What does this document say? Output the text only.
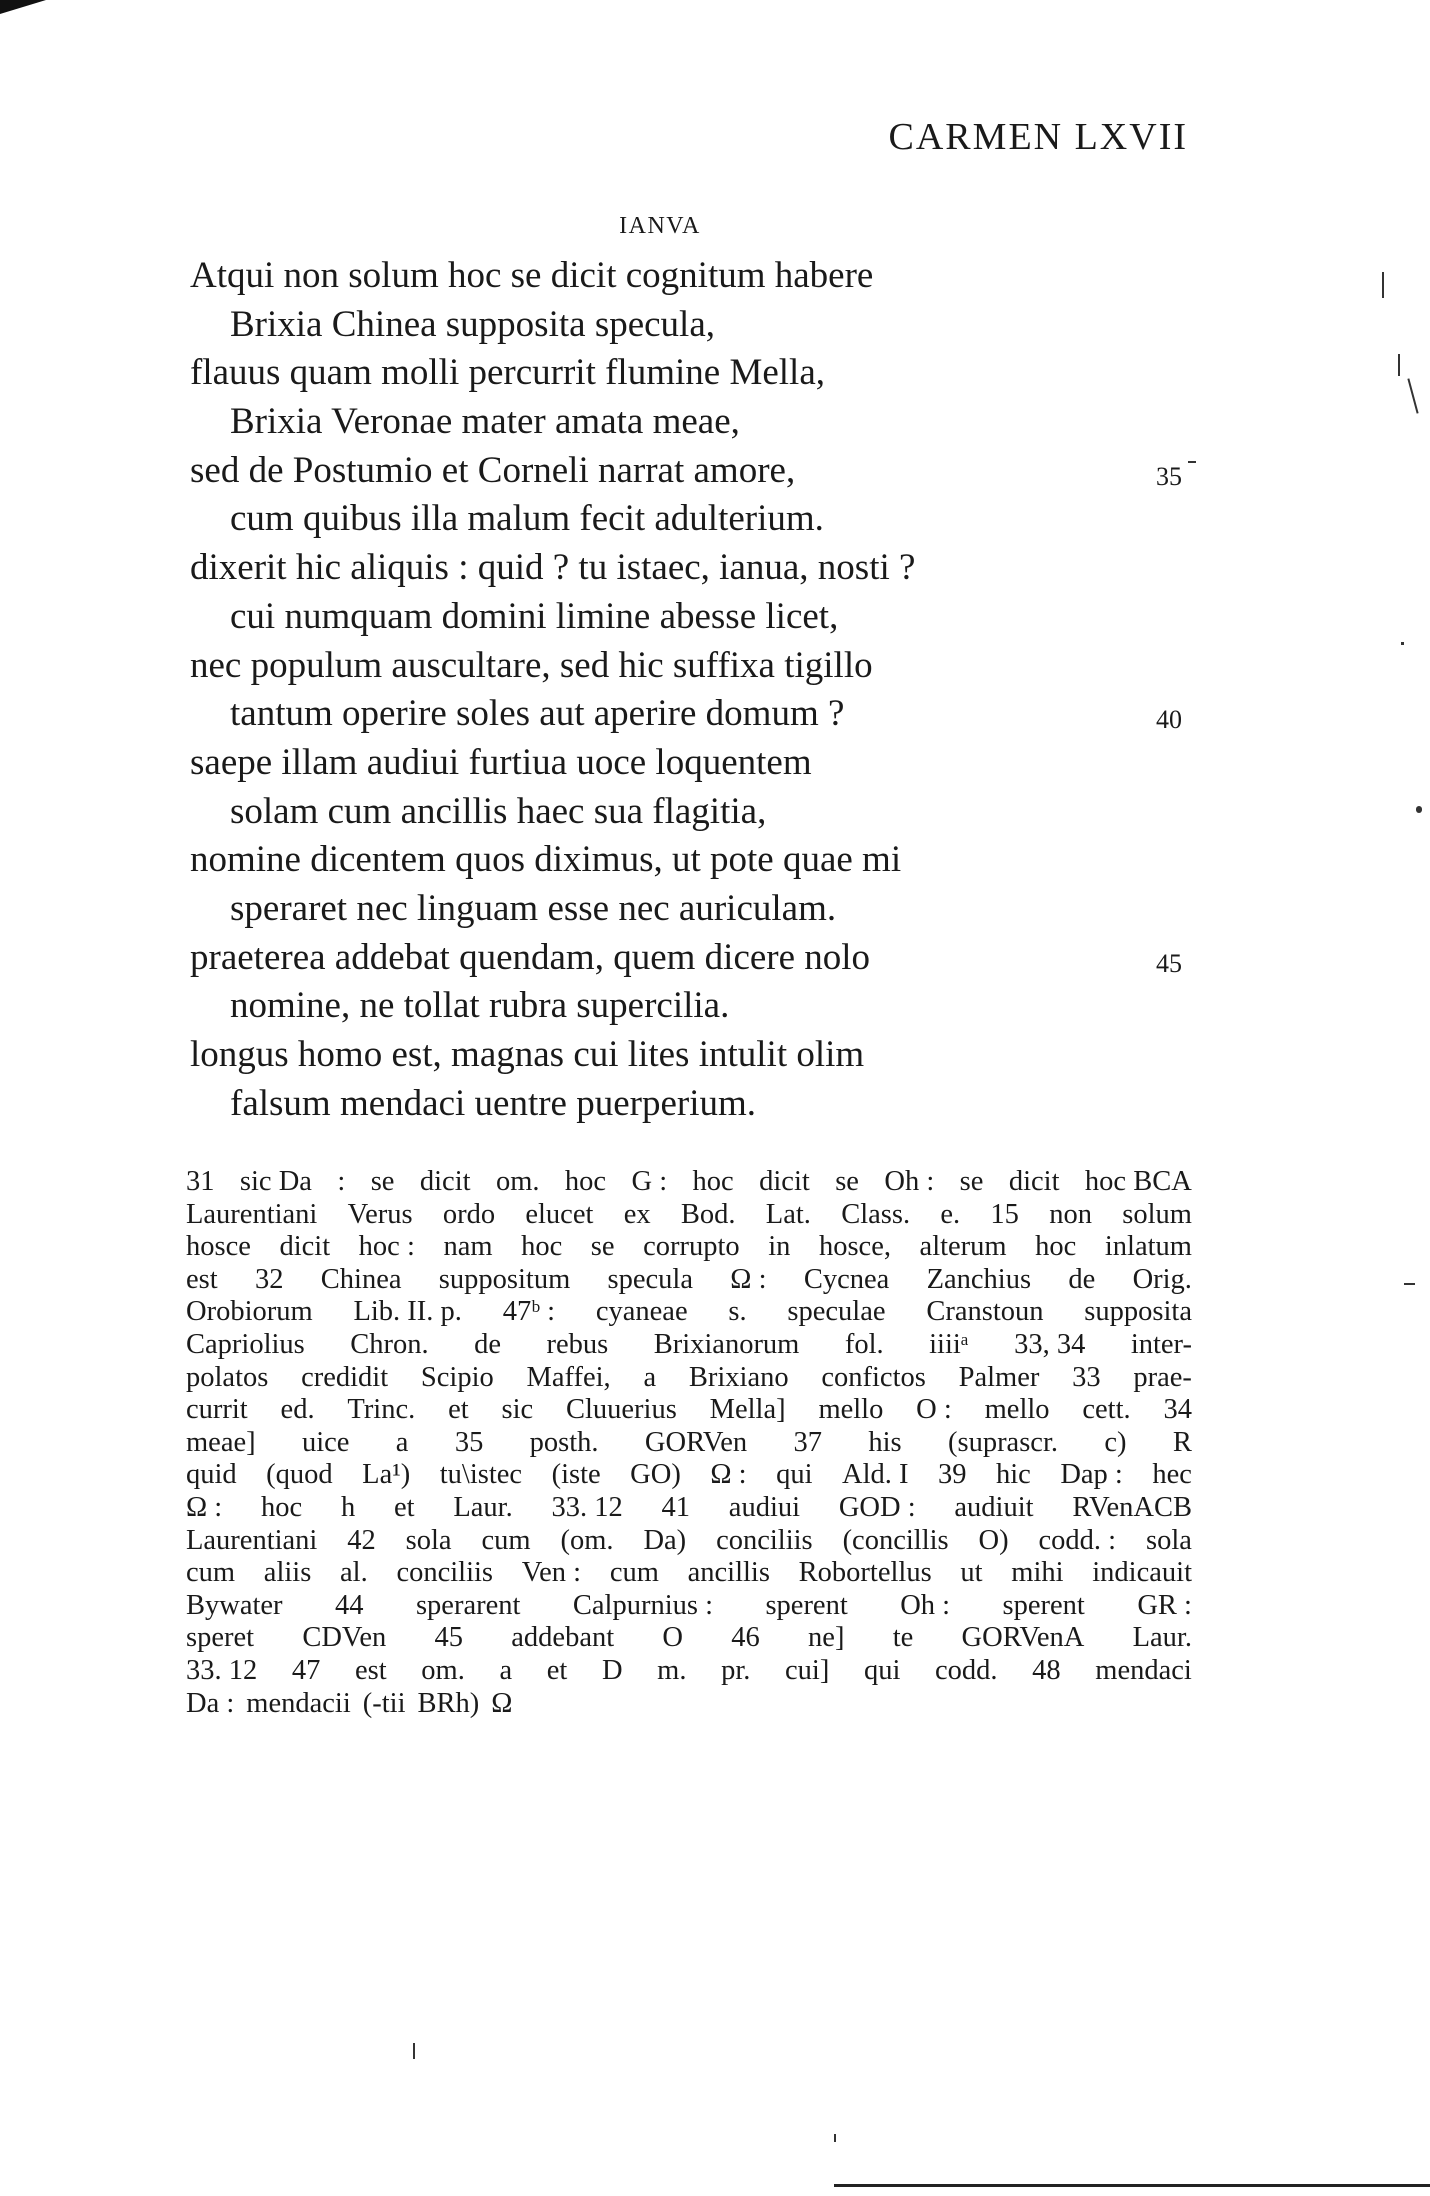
CARMEN LXVII
IANVA
Atqui non solum hoc se dicit cognitum habere
Brixia Chinea supposita specula,
flauus quam molli percurrit flumine Mella,
Brixia Veronae mater amata meae,
sed de Postumio et Corneli narrat amore,	35
cum quibus illa malum fecit adulterium.
dixerit hic aliquis : quid ? tu istaec, ianua, nosti ?
cui numquam domini limine abesse licet,
nec populum auscultare, sed hic suffixa tigillo
tantum operire soles aut aperire domum ?	40
saepe illam audiui furtiua uoce loquentem
solam cum ancillis haec sua flagitia,
nomine dicentem quos diximus, ut pote quae mi
speraret nec linguam esse nec auriculam.
praeterea addebat quendam, quem dicere nolo	45
nomine, ne tollat rubra supercilia.
longus homo est, magnas cui lites intulit olim
falsum mendaci uentre puerperium.
31 sic Da : se dicit om. hoc G : hoc dicit se Oh : se dicit hoc BCA
Laurentiani Verus ordo elucet ex Bod. Lat. Class. e. 15 non solum
hosce dicit hoc : nam hoc se corrupto in hosce, alterum hoc inlatum
est 32 Chinea suppositum specula Ω : Cycnea Zanchius de Orig.
Orobiorum Lib. II. p. 47ᵇ : cyaneae s. speculae Cranstoun supposita
Capriolius Chron. de rebus Brixianorum fol. iiiiᵃ 33, 34 inter-
polatos credidit Scipio Maffei, a Brixiano confictos Palmer 33 prae-
currit ed. Trinc. et sic Cluuerius Mella] mello O : mello cett. 34
meae] uice a 35 posth. GORVen 37 his (suprascr. c) R
quid (quod La¹) tu\istec (iste GO) Ω : qui Ald. I 39 hic Dap : hec
Ω : hoc h et Laur. 33. 12 41 audiui GOD : audiuit RVenACB
Laurentiani 42 sola cum (om. Da) conciliis (concillis O) codd. : sola
cum aliis al. conciliis Ven : cum ancillis Robortellus ut mihi indicauit
Bywater 44 sperarent Calpurnius : sperent Oh : sperent GR :
speret CDVen 45 addebant O 46 ne] te GORVenA Laur.
33. 12 47 est om. a et D m. pr. cui] qui codd. 48 mendaci
Da : mendacii (-tii BRh) Ω
